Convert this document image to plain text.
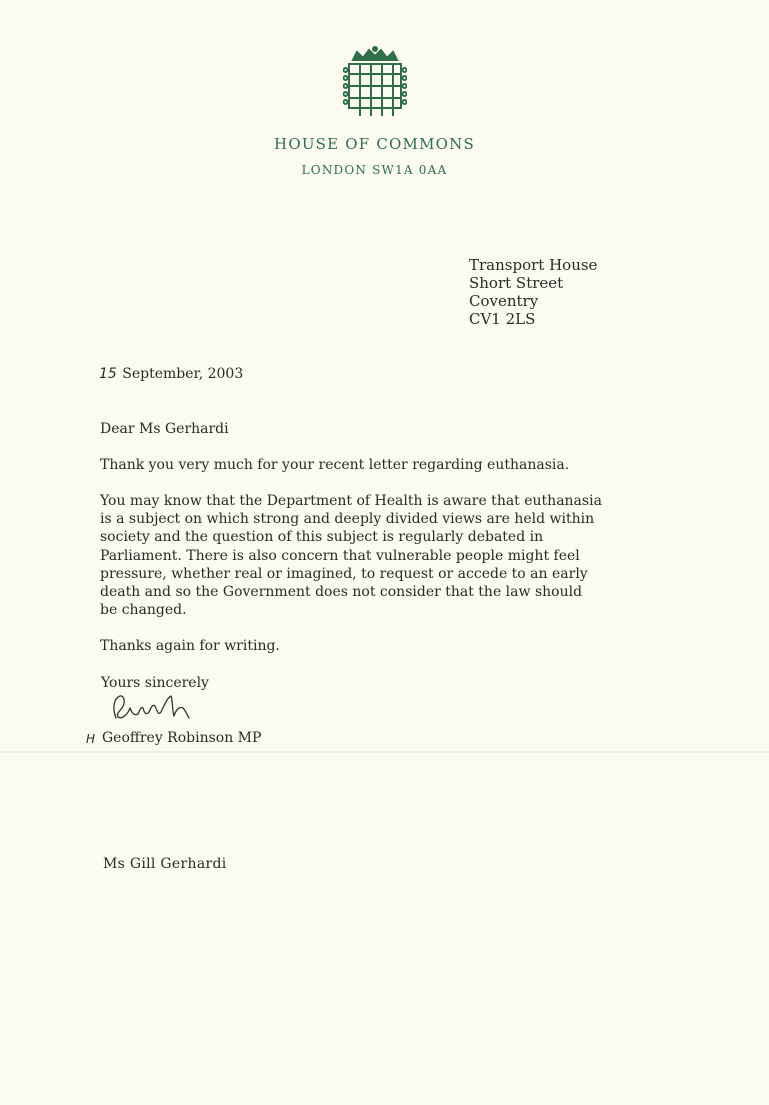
HOUSE OF COMMONS
LONDON SW1A 0AA
Transport House
Short Street
Coventry
CV1 2LS
15 September, 2003
Dear Ms Gerhardi
Thank you very much for your recent letter regarding euthanasia.
You may know that the Department of Health is aware that euthanasia
is a subject on which strong and deeply divided views are held within
society and the question of this subject is regularly debated in
Parliament. There is also concern that vulnerable people might feel
pressure, whether real or imagined, to request or accede to an early
death and so the Government does not consider that the law should
be changed.
Thanks again for writing.
Yours sincerely
H Geoffrey Robinson MP
Ms Gill Gerhardi
